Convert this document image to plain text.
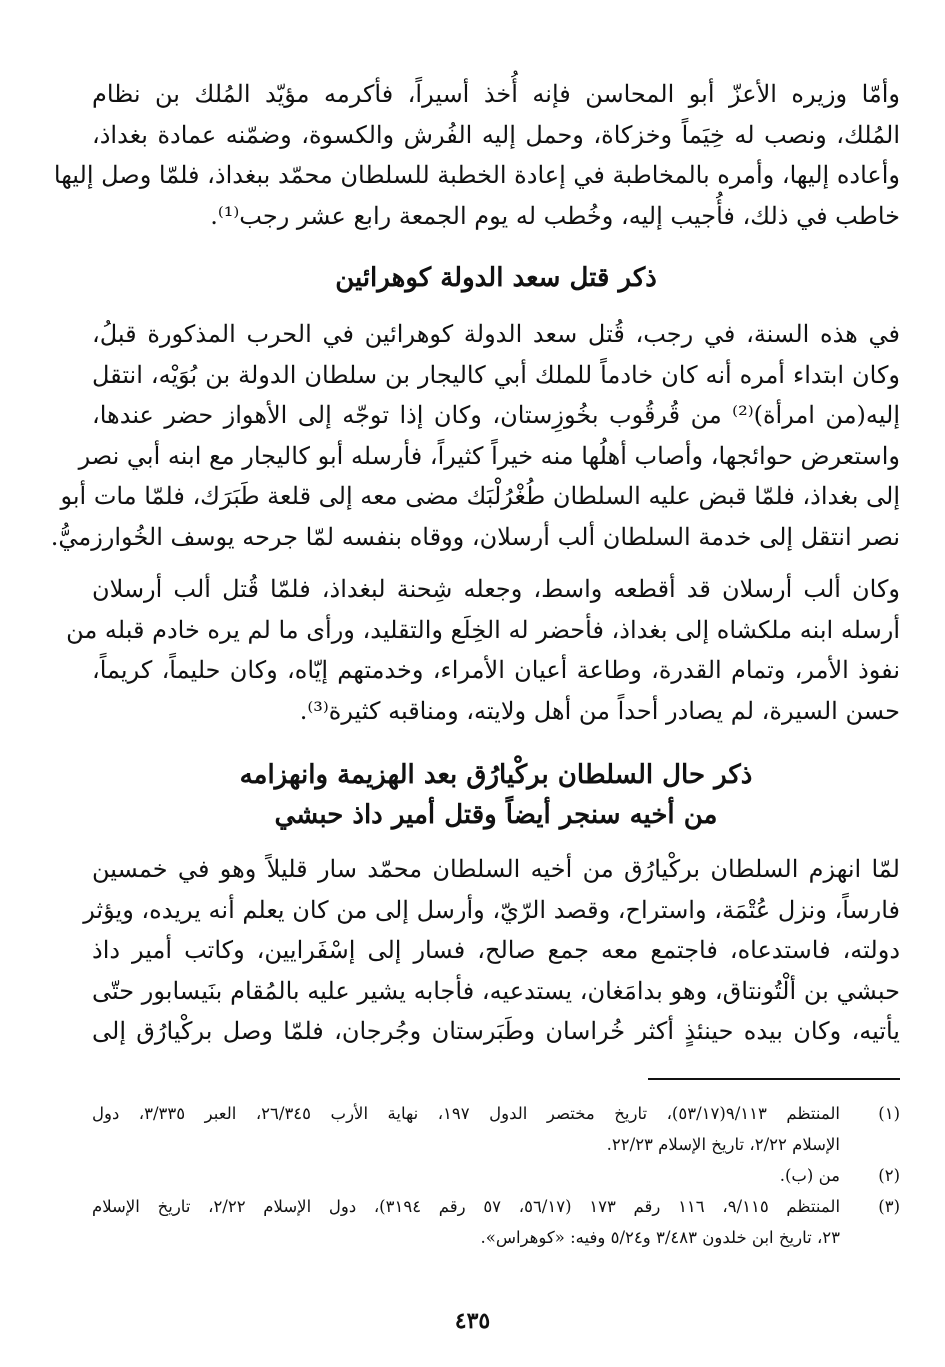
وأمّا وزيره الأعزّ أبو المحاسن فإنه أُخذ أسيراً، فأكرمه مؤيّد المُلك بن نظام
المُلك، ونصب له خِيَماً وخزكاة، وحمل إليه الفُرش والكسوة، وضمّنه عمادة بغداذ،
وأعاده إليها، وأمره بالمخاطبة في إعادة الخطبة للسلطان محمّد ببغداذ، فلمّا وصل إليها
خاطب في ذلك، فأُجيب إليه، وخُطب له يوم الجمعة رابع عشر رجب⁽¹⁾.

ذكر قتل سعد الدولة كوهرائين

في هذه السنة، في رجب، قُتل سعد الدولة كوهرائين في الحرب المذكورة قبلُ،
وكان ابتداء أمره أنه كان خادماً للملك أبي كاليجار بن سلطان الدولة بن بُوَيْه، انتقل
إليه(من امرأة)⁽²⁾ من قُرقُوب بخُوزِستان، وكان إذا توجّه إلى الأهواز حضر عندها،
واستعرض حوائجها، وأصاب أهلُها منه خيراً كثيراً، فأرسله أبو كاليجار مع ابنه أبي نصر
إلى بغداذ، فلمّا قبض عليه السلطان طُغْرُلْبَك مضى معه إلى قلعة طَبَرَك، فلمّا مات أبو
نصر انتقل إلى خدمة السلطان ألب أرسلان، ووقاه بنفسه لمّا جرحه يوسف الخُوارزميُّ.

وكان ألب أرسلان قد أقطعه واسط، وجعله شِحنة لبغداذ، فلمّا قُتل ألب أرسلان
أرسله ابنه ملكشاه إلى بغداذ، فأحضر له الخِلَع والتقليد، ورأى ما لم يره خادم قبله من
نفوذ الأمر، وتمام القدرة، وطاعة أعيان الأمراء، وخدمتهم إيّاه، وكان حليماً، كريماً،
حسن السيرة، لم يصادر أحداً من أهل ولايته، ومناقبه كثيرة⁽³⁾.

ذكر حال السلطان بركْيارُق بعد الهزيمة وانهزامه
من أخيه سنجر أيضاً وقتل أمير داذ حبشي

لمّا انهزم السلطان بركْيارُق من أخيه السلطان محمّد سار قليلاً وهو في خمسين
فارساً، ونزل عُتْمَة، واستراح، وقصد الرّيّ، وأرسل إلى من كان يعلم أنه يريده، ويؤثر
دولته، فاستدعاه، فاجتمع معه جمع صالح، فسار إلى إسْفَرايين، وكاتب أمير داذ
حبشي بن ألْتُونتاق، وهو بدامَغان، يستدعيه، فأجابه يشير عليه بالمُقام بنَيسابور حتّى
يأتيه، وكان بيده حينئذٍ أكثر خُراسان وطَبَرستان وجُرجان، فلمّا وصل بركْيارُق إلى

(١)
المنتظم ٩/١١٣(٥٣/١٧)، تاريخ مختصر الدول ١٩٧، نهاية الأرب ٢٦/٣٤٥، العبر ٣/٣٣٥، دول
الإسلام ٢/٢٢، تاريخ الإسلام ٢٢/٢٣.
(٢)
من (ب).
(٣)
المنتظم ٩/١١٥، ١١٦ رقم ١٧٣ (٥٦/١٧، ٥٧ رقم ٣١٩٤)، دول الإسلام ٢/٢٢، تاريخ الإسلام
٢٣، تاريخ ابن خلدون ٣/٤٨٣ و٥/٢٤ وفيه: «كوهراس».
٤٣٥
